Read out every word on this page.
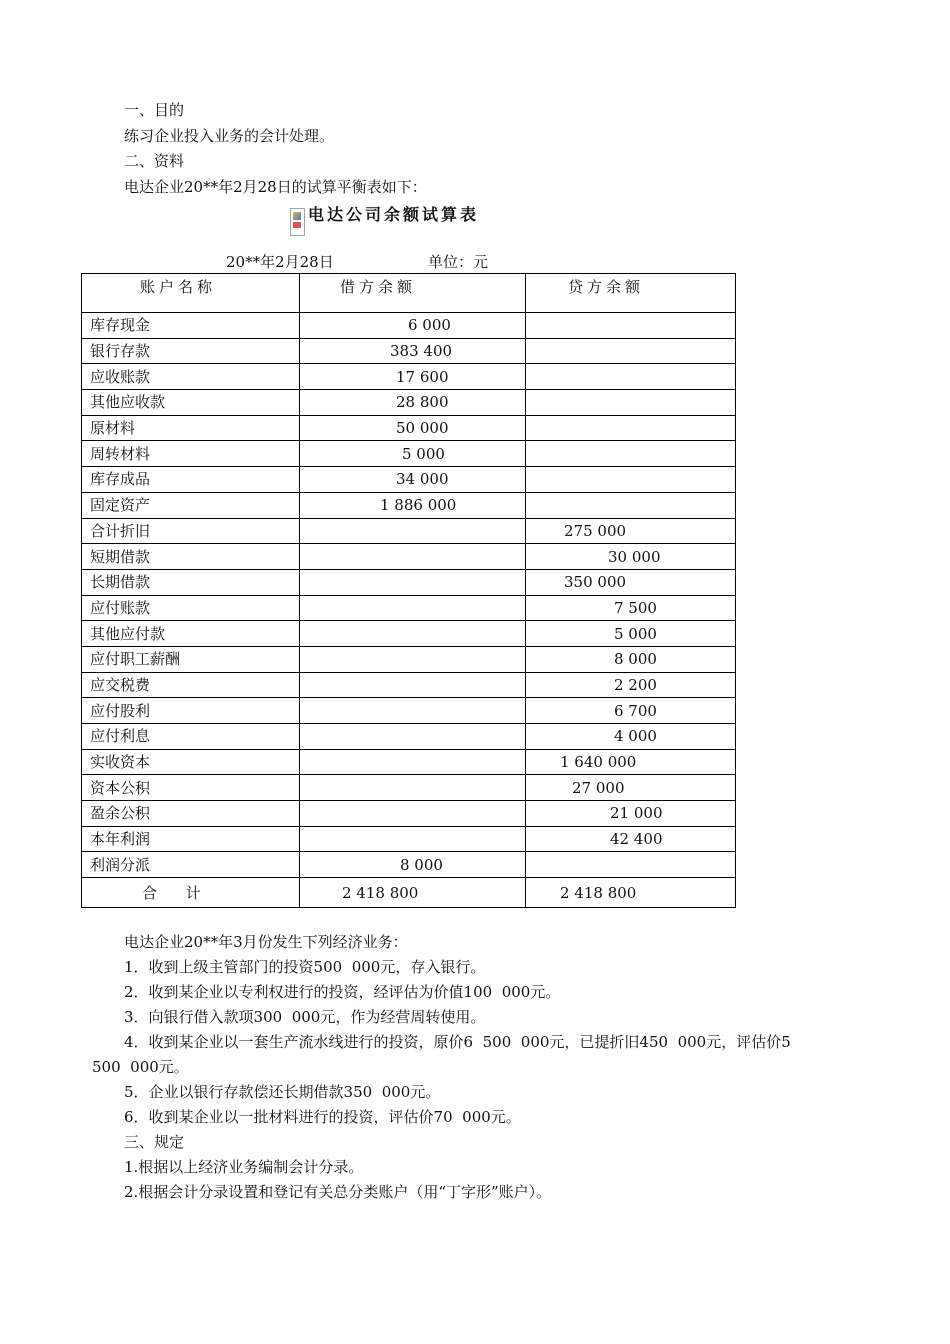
一、目的
练习企业投入业务的会计处理。
二、资料
电达企业20**年2月28日的试算平衡表如下：
电达公司余额试算表
20**年2月28日	单位：元
账户名称	借方余额	贷方余额
库存现金	6 000	
银行存款	383 400	
应收账款	17 600	
其他应收款	28 800	
原材料	50 000	
周转材料	5 000	
库存成品	34 000	
固定资产	1 886 000	
合计折旧		275 000
短期借款		30 000
长期借款		350 000
应付账款		7 500
其他应付款		5 000
应付职工薪酬		8 000
应交税费		2 200
应付股利		6 700
应付利息		4 000
实收资本		1 640 000
资本公积		27 000
盈余公积		21 000
本年利润		42 400
利润分派	8 000	
合      计	2 418 800	2 418 800
电达企业20**年3月份发生下列经济业务：
1．收到上级主管部门的投资500  000元，存入银行。
2．收到某企业以专利权进行的投资，经评估为价值100  000元。
3．向银行借入款项300  000元，作为经营周转使用。
4．收到某企业以一套生产流水线进行的投资，原价6  500  000元，已提折旧450  000元，评估价5
500  000元。
5．企业以银行存款偿还长期借款350  000元。
6．收到某企业以一批材料进行的投资，评估价70  000元。
三、规定
1.根据以上经济业务编制会计分录。
2.根据会计分录设置和登记有关总分类账户（用“丁字形”账户）。
